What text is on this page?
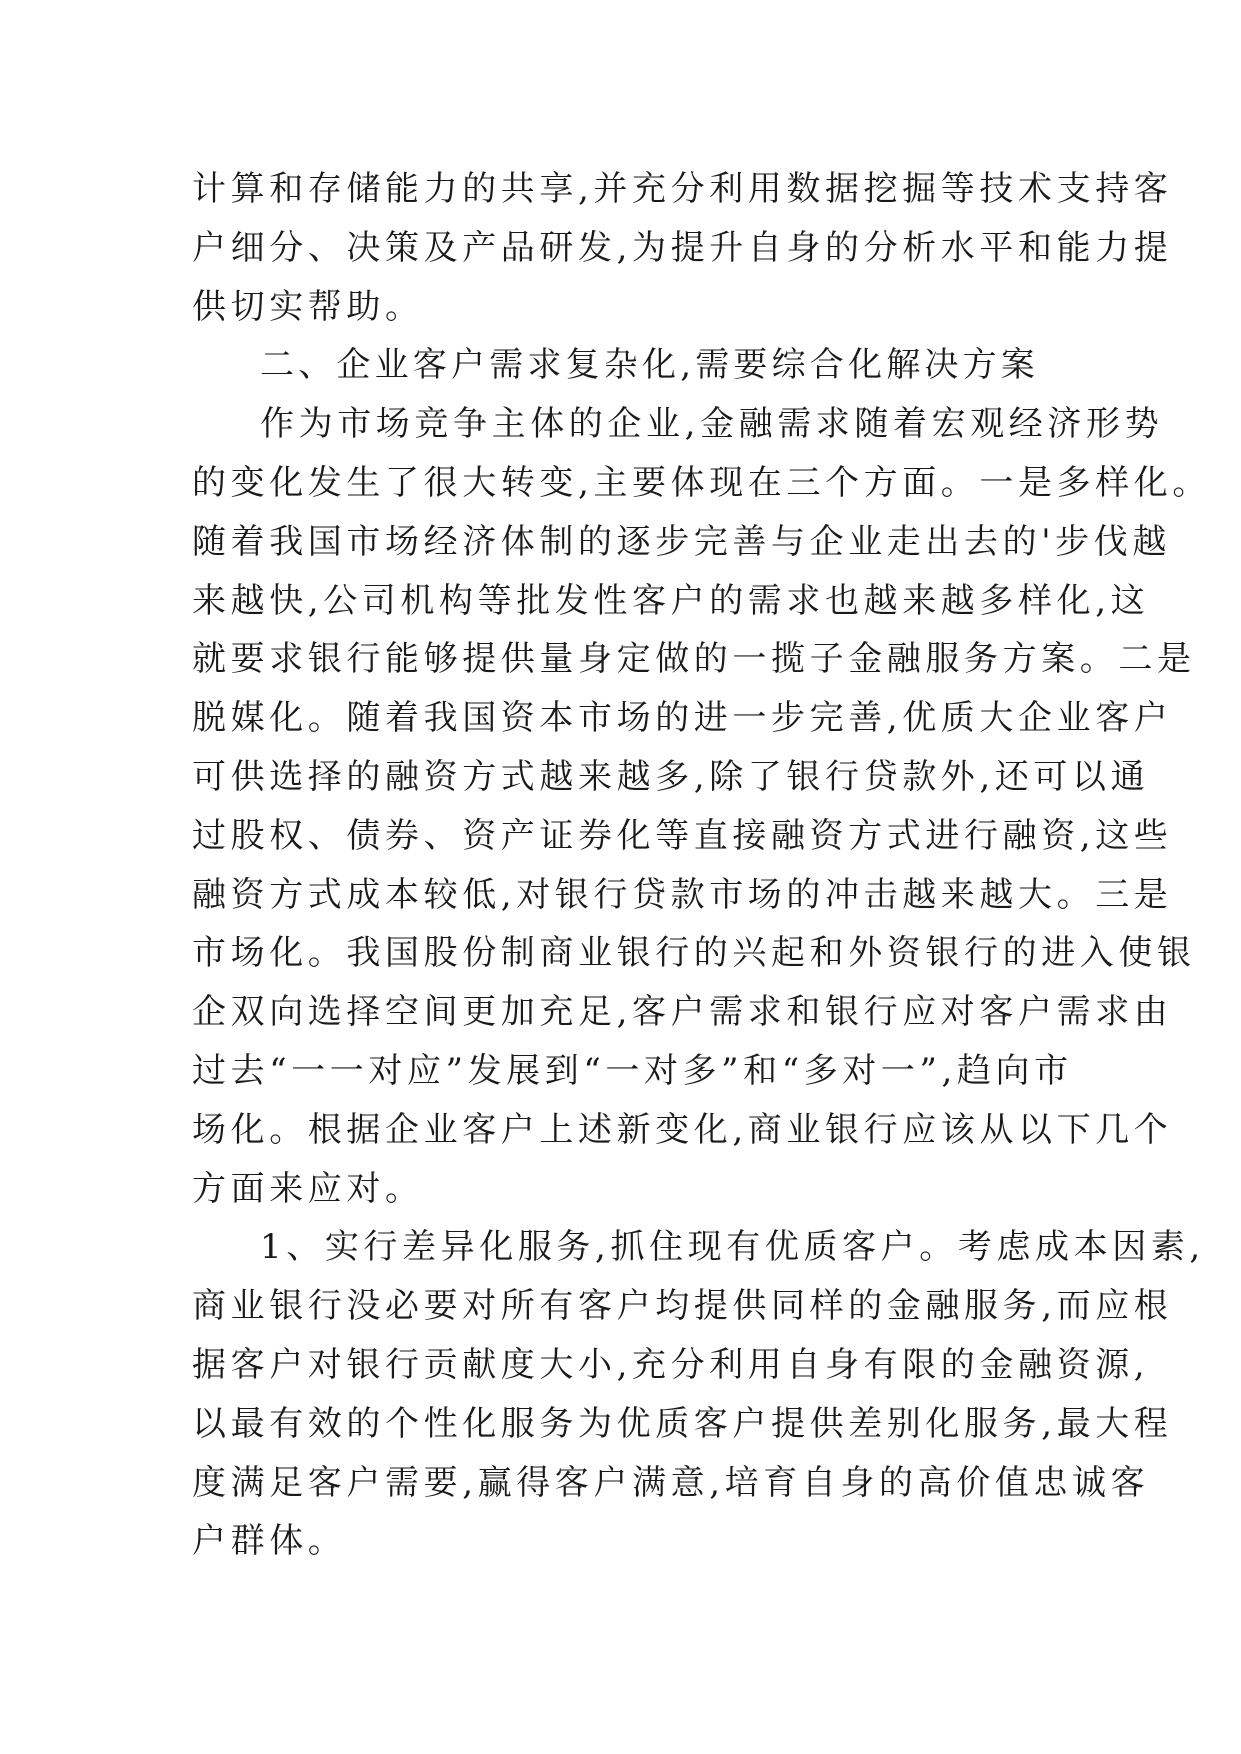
计算和存储能力的共享,并充分利用数据挖掘等技术支持客
户细分、决策及产品研发,为提升自身的分析水平和能力提
供切实帮助。
二、企业客户需求复杂化,需要综合化解决方案
作为市场竞争主体的企业,金融需求随着宏观经济形势
的变化发生了很大转变,主要体现在三个方面。一是多样化。
随着我国市场经济体制的逐步完善与企业走出去的'步伐越
来越快,公司机构等批发性客户的需求也越来越多样化,这
就要求银行能够提供量身定做的一揽子金融服务方案。二是
脱媒化。随着我国资本市场的进一步完善,优质大企业客户
可供选择的融资方式越来越多,除了银行贷款外,还可以通
过股权、债券、资产证券化等直接融资方式进行融资,这些
融资方式成本较低,对银行贷款市场的冲击越来越大。三是
市场化。我国股份制商业银行的兴起和外资银行的进入使银
企双向选择空间更加充足,客户需求和银行应对客户需求由
过去“一一对应”发展到“一对多”和“多对一”,趋向市
场化。根据企业客户上述新变化,商业银行应该从以下几个
方面来应对。
1、实行差异化服务,抓住现有优质客户。考虑成本因素,
商业银行没必要对所有客户均提供同样的金融服务,而应根
据客户对银行贡献度大小,充分利用自身有限的金融资源,
以最有效的个性化服务为优质客户提供差别化服务,最大程
度满足客户需要,赢得客户满意,培育自身的高价值忠诚客
户群体。
